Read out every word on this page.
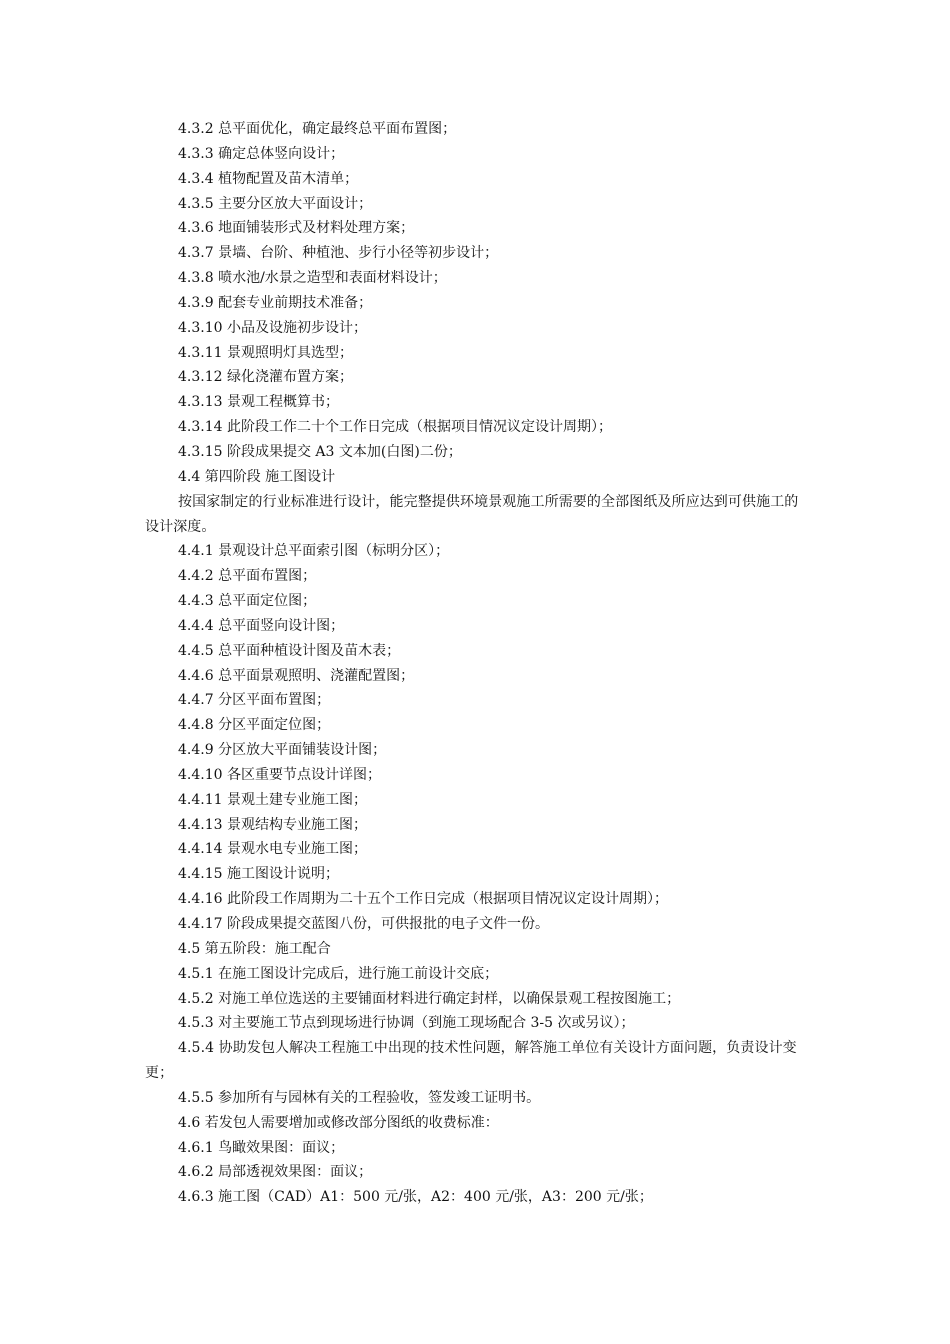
4.3.2 总平面优化，确定最终总平面布置图；
4.3.3 确定总体竖向设计；
4.3.4 植物配置及苗木清单；
4.3.5 主要分区放大平面设计；
4.3.6 地面铺装形式及材料处理方案；
4.3.7 景墙、台阶、种植池、步行小径等初步设计；
4.3.8 喷水池/水景之造型和表面材料设计；
4.3.9 配套专业前期技术准备；
4.3.10 小品及设施初步设计；
4.3.11 景观照明灯具选型；
4.3.12 绿化浇灌布置方案；
4.3.13 景观工程概算书；
4.3.14 此阶段工作二十个工作日完成（根据项目情况议定设计周期）；
4.3.15 阶段成果提交 A3 文本加(白图)二份；
4.4 第四阶段 施工图设计
按国家制定的行业标准进行设计，能完整提供环境景观施工所需要的全部图纸及所应达到可供施工的设计深度。
4.4.1 景观设计总平面索引图（标明分区）；
4.4.2 总平面布置图；
4.4.3 总平面定位图；
4.4.4 总平面竖向设计图；
4.4.5 总平面种植设计图及苗木表；
4.4.6 总平面景观照明、浇灌配置图；
4.4.7 分区平面布置图；
4.4.8 分区平面定位图；
4.4.9 分区放大平面铺装设计图；
4.4.10 各区重要节点设计详图；
4.4.11 景观土建专业施工图；
4.4.13 景观结构专业施工图；
4.4.14 景观水电专业施工图；
4.4.15 施工图设计说明；
4.4.16 此阶段工作周期为二十五个工作日完成（根据项目情况议定设计周期）；
4.4.17 阶段成果提交蓝图八份，可供报批的电子文件一份。
4.5 第五阶段：施工配合
4.5.1 在施工图设计完成后，进行施工前设计交底；
4.5.2 对施工单位选送的主要铺面材料进行确定封样，以确保景观工程按图施工；
4.5.3 对主要施工节点到现场进行协调（到施工现场配合 3-5 次或另议）；
4.5.4 协助发包人解决工程施工中出现的技术性问题，解答施工单位有关设计方面问题，负责设计变更；
4.5.5 参加所有与园林有关的工程验收，签发竣工证明书。
4.6 若发包人需要增加或修改部分图纸的收费标准：
4.6.1 鸟瞰效果图：面议；
4.6.2 局部透视效果图：面议；
4.6.3 施工图（CAD）A1：500 元/张，A2：400 元/张，A3：200 元/张；
